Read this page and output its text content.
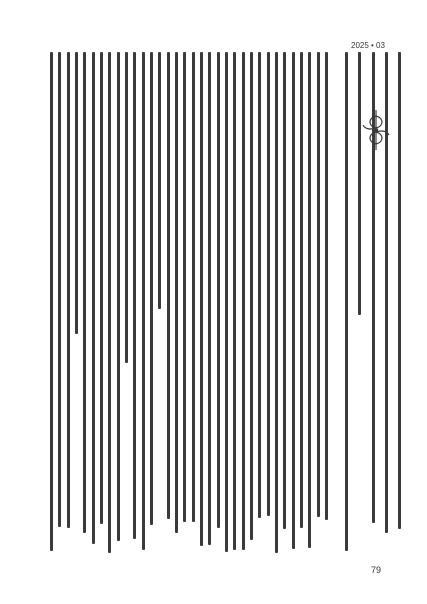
2025 • 03
79
